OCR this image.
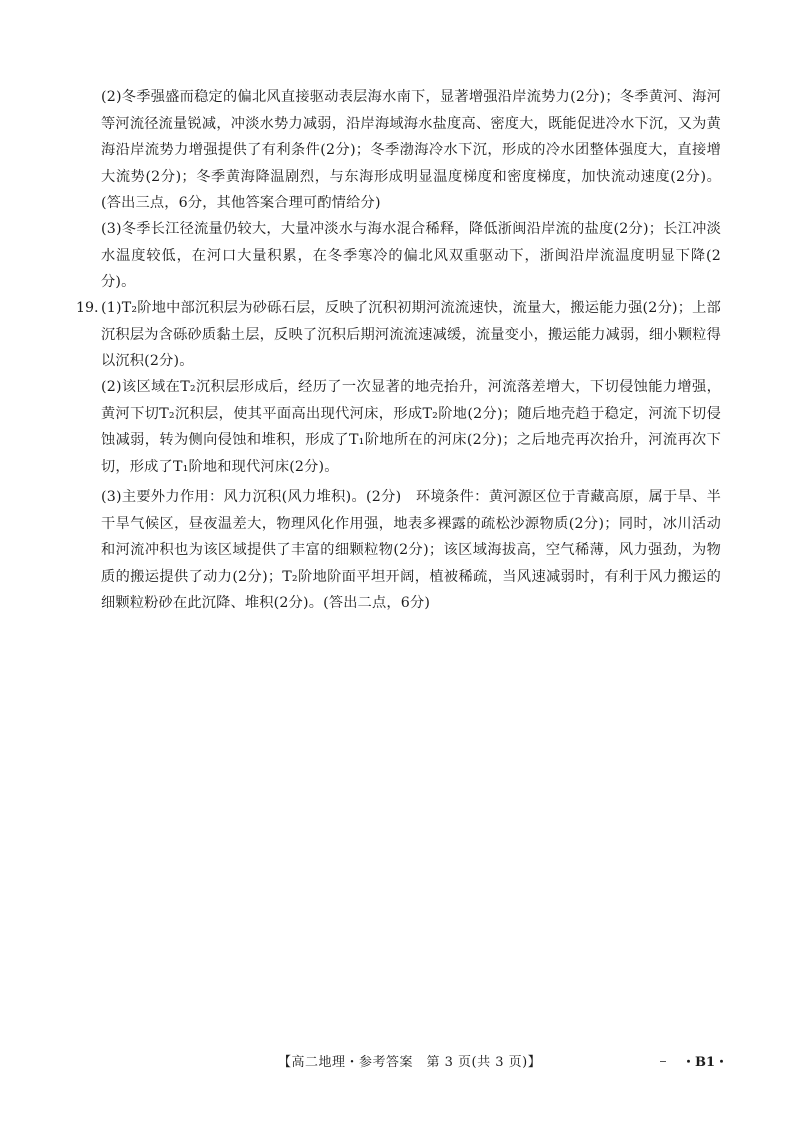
(2)冬季强盛而稳定的偏北风直接驱动表层海水南下，显著增强沿岸流势力(2分)；冬季黄河、海河等河流径流量锐减，冲淡水势力减弱，沿岸海域海水盐度高、密度大，既能促进冷水下沉，又为黄海沿岸流势力增强提供了有利条件(2分)；冬季渤海冷水下沉，形成的冷水团整体强度大，直接增大流势(2分)；冬季黄海降温剧烈，与东海形成明显温度梯度和密度梯度，加快流动速度(2分)。(答出三点，6分，其他答案合理可酌情给分)
(3)冬季长江径流量仍较大，大量冲淡水与海水混合稀释，降低浙闽沿岸流的盐度(2分)；长江冲淡水温度较低，在河口大量积累，在冬季寒冷的偏北风双重驱动下，浙闽沿岸流温度明显下降(2分)。
19. (1)T₂阶地中部沉积层为砂砾石层，反映了沉积初期河流流速快，流量大，搬运能力强(2分)；上部沉积层为含砾砂质黏土层，反映了沉积后期河流流速减缓，流量变小，搬运能力减弱，细小颗粒得以沉积(2分)。
(2)该区域在T₂沉积层形成后，经历了一次显著的地壳抬升，河流落差增大，下切侵蚀能力增强，黄河下切T₂沉积层，使其平面高出现代河床，形成T₂阶地(2分)；随后地壳趋于稳定，河流下切侵蚀减弱，转为侧向侵蚀和堆积，形成了T₁阶地所在的河床(2分)；之后地壳再次抬升，河流再次下切，形成了T₁阶地和现代河床(2分)。
(3)主要外力作用：风力沉积(风力堆积)。(2分)　环境条件：黄河源区位于青藏高原，属于旱、半干旱气候区，昼夜温差大，物理风化作用强，地表多裸露的疏松沙源物质(2分)；同时，冰川活动和河流冲积也为该区域提供了丰富的细颗粒物(2分)；该区域海拔高，空气稀薄，风力强劲，为物质的搬运提供了动力(2分)；T₂阶地阶面平坦开阔，植被稀疏，当风速减弱时，有利于风力搬运的细颗粒粉砂在此沉降、堆积(2分)。(答出二点，6分)
【高二地理・参考答案　第 3 页(共 3 页)】	・B1・
